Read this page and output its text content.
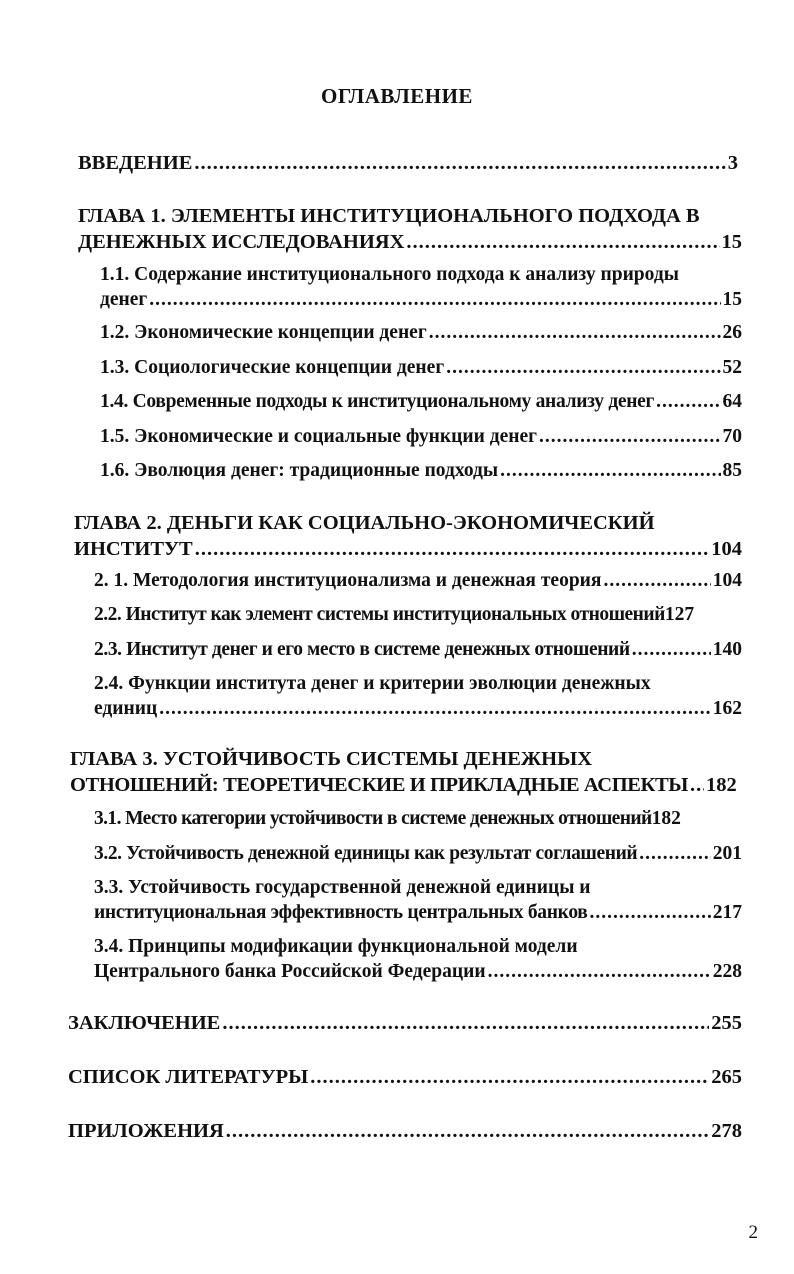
ОГЛАВЛЕНИЕ
ВВЕДЕНИЕ .....	3
ГЛАВА 1. ЭЛЕМЕНТЫ ИНСТИТУЦИОНАЛЬНОГО ПОДХОДА В
ДЕНЕЖНЫХ ИССЛЕДОВАНИЯХ .....	15
1.1. Содержание институционального подхода к анализу природы
денег .....	15
1.2. Экономические концепции денег .....	26
1.3. Социологические концепции денег .....	52
1.4. Современные подходы к институциональному анализу денег .....	64
1.5. Экономические и социальные функции денег .....	70
1.6. Эволюция денег: традиционные подходы .....	85
ГЛАВА 2. ДЕНЬГИ КАК СОЦИАЛЬНО-ЭКОНОМИЧЕСКИЙ
ИНСТИТУТ .....	104
2. 1. Методология институционализма и денежная теория .....	104
2.2. Институт как элемент системы институциональных отношений 127
2.3. Институт денег и его место в системе денежных отношений .....	140
2.4. Функции института денег и критерии эволюции денежных
единиц .....	162
ГЛАВА 3. УСТОЙЧИВОСТЬ СИСТЕМЫ ДЕНЕЖНЫХ
ОТНОШЕНИЙ: ТЕОРЕТИЧЕСКИЕ И ПРИКЛАДНЫЕ АСПЕКТЫ ..... 182
3.1. Место категории устойчивости в системе денежных отношений 182
3.2. Устойчивость денежной единицы как результат соглашений .....	201
3.3. Устойчивость государственной денежной единицы и
институциональная эффективность центральных банков .....	217
3.4. Принципы модификации функциональной модели
Центрального банка Российской Федерации .....	228
ЗАКЛЮЧЕНИЕ .....	255
СПИСОК ЛИТЕРАТУРЫ .....	265
ПРИЛОЖЕНИЯ .....	278
2
